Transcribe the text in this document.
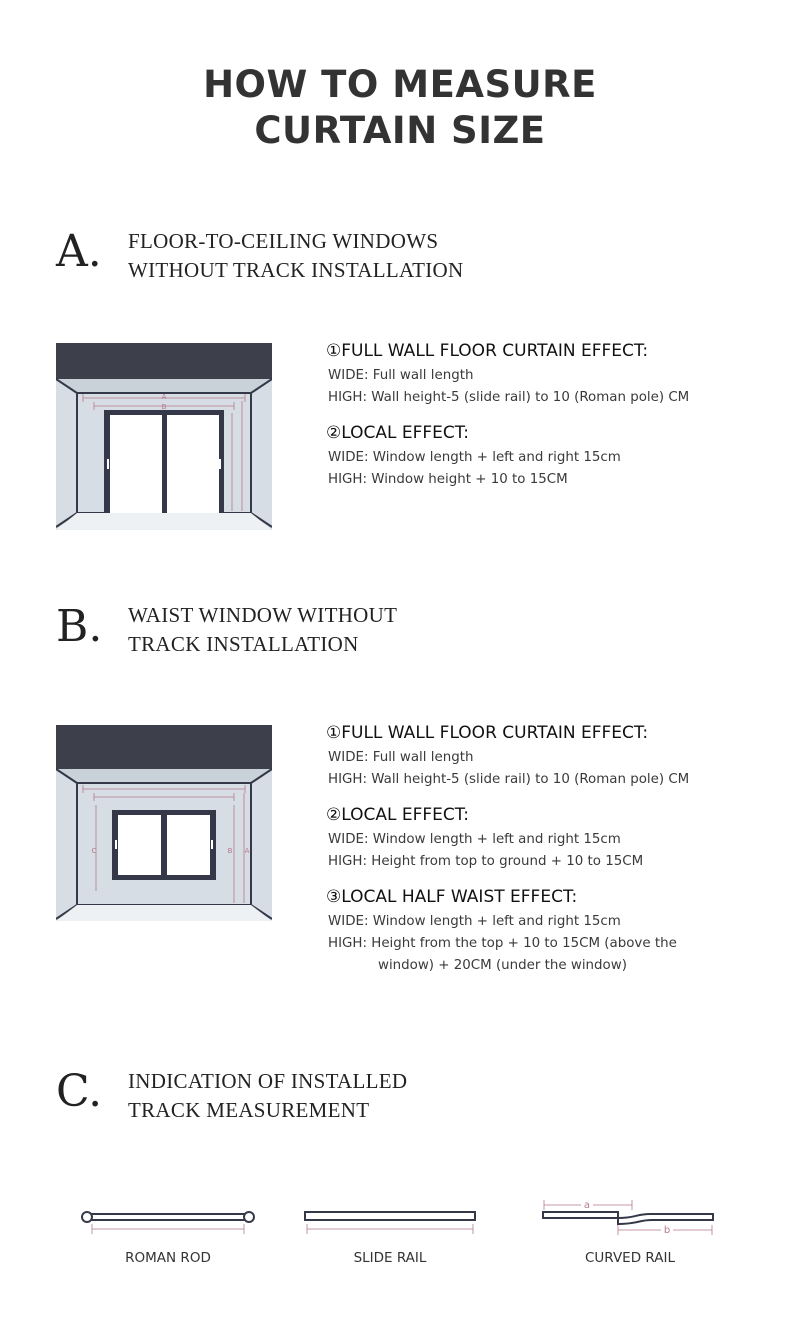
HOW TO MEASURE
CURTAIN SIZE
A. FLOOR-TO-CEILING WINDOWS
WITHOUT TRACK INSTALLATION
A
B
①FULL WALL FLOOR CURTAIN EFFECT:
WIDE: Full wall length
HIGH: Wall height-5 (slide rail) to 10 (Roman pole) CM
②LOCAL EFFECT:
WIDE: Window length + left and right 15cm
HIGH: Window height + 10 to 15CM
B. WAIST WINDOW WITHOUT
TRACK INSTALLATION
C	B A
①FULL WALL FLOOR CURTAIN EFFECT:
WIDE: Full wall length
HIGH: Wall height-5 (slide rail) to 10 (Roman pole) CM
②LOCAL EFFECT:
WIDE: Window length + left and right 15cm
HIGH: Height from top to ground + 10 to 15CM
③LOCAL HALF WAIST EFFECT:
WIDE: Window length + left and right 15cm
HIGH: Height from the top + 10 to 15CM (above the
window) + 20CM (under the window)
C. INDICATION OF INSTALLED
TRACK MEASUREMENT
ROMAN ROD	SLIDE RAIL
a
b
CURVED RAIL
